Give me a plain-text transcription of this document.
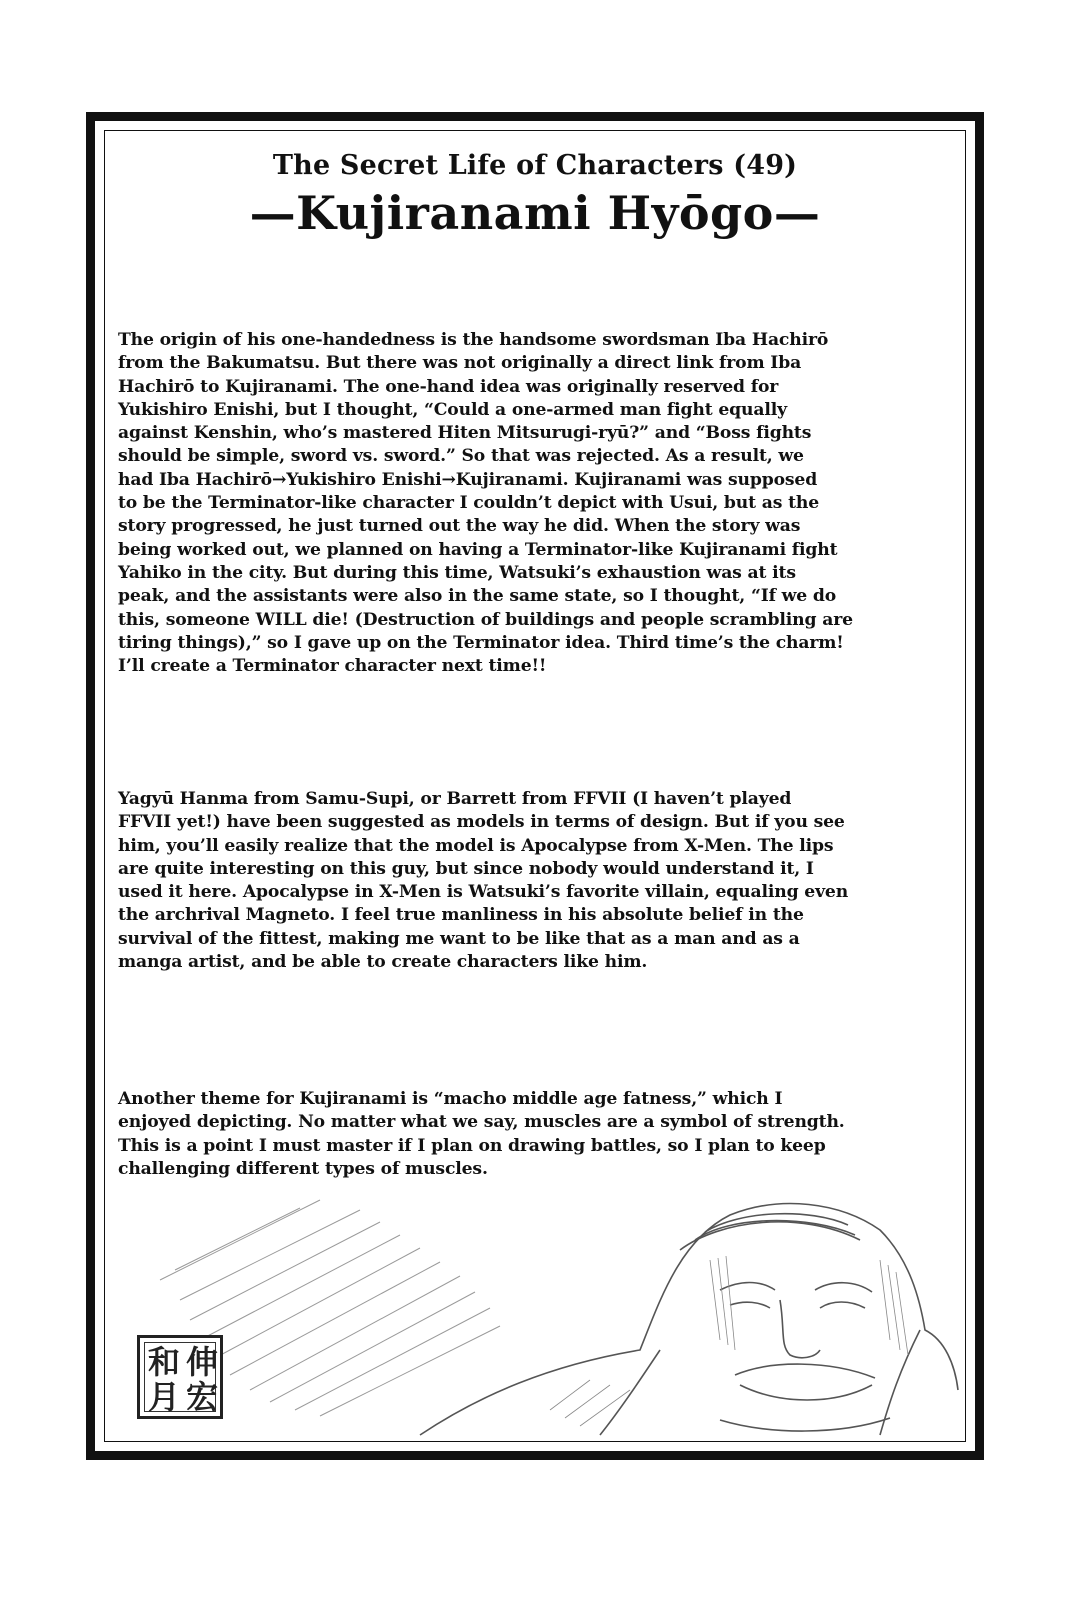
The Secret Life of Characters (49)
—Kujiranami Hyōgo—
The origin of his one-handedness is the handsome swordsman Iba Hachirō
from the Bakumatsu. But there was not originally a direct link from Iba
Hachirō to Kujiranami. The one-hand idea was originally reserved for
Yukishiro Enishi, but I thought, “Could a one-armed man fight equally
against Kenshin, who’s mastered Hiten Mitsurugi-ryū?” and “Boss fights
should be simple, sword vs. sword.” So that was rejected. As a result, we
had Iba Hachirō→Yukishiro Enishi→Kujiranami. Kujiranami was supposed
to be the Terminator-like character I couldn’t depict with Usui, but as the
story progressed, he just turned out the way he did. When the story was
being worked out, we planned on having a Terminator-like Kujiranami fight
Yahiko in the city. But during this time, Watsuki’s exhaustion was at its
peak, and the assistants were also in the same state, so I thought, “If we do
this, someone WILL die! (Destruction of buildings and people scrambling are
tiring things),” so I gave up on the Terminator idea. Third time’s the charm!
I’ll create a Terminator character next time!!
Yagyū Hanma from Samu-Supi, or Barrett from FFVII (I haven’t played
FFVII yet!) have been suggested as models in terms of design. But if you see
him, you’ll easily realize that the model is Apocalypse from X-Men. The lips
are quite interesting on this guy, but since nobody would understand it, I
used it here. Apocalypse in X-Men is Watsuki’s favorite villain, equaling even
the archrival Magneto. I feel true manliness in his absolute belief in the
survival of the fittest, making me want to be like that as a man and as a
manga artist, and be able to create characters like him.
Another theme for Kujiranami is “macho middle age fatness,” which I
enjoyed depicting. No matter what we say, muscles are a symbol of strength.
This is a point I must master if I plan on drawing battles, so I plan to keep
challenging different types of muscles.
伸
宏
和
月
